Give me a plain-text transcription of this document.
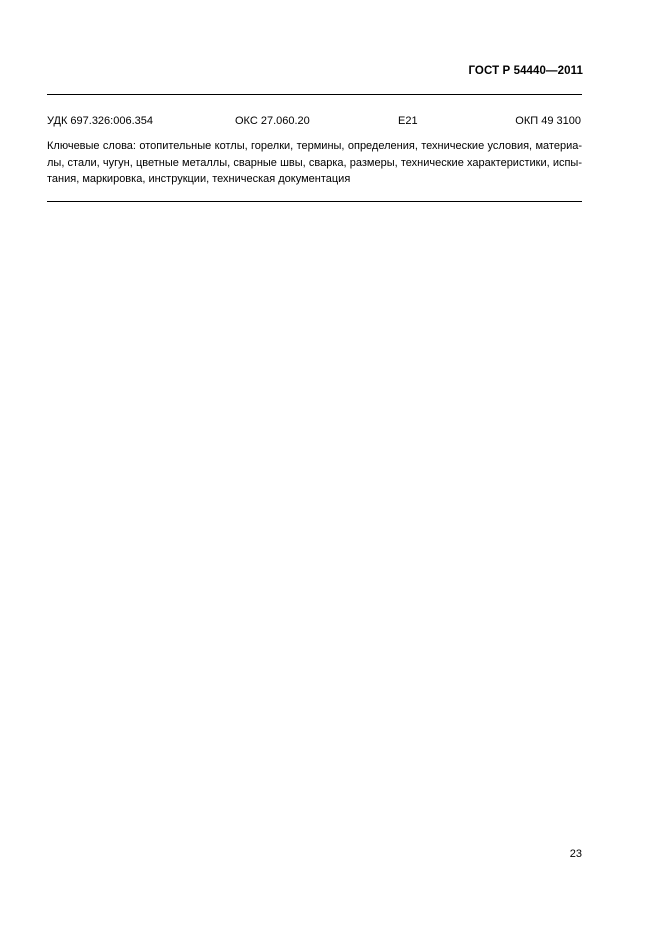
ГОСТ Р 54440—2011
УДК 697.326:006.354	ОКС 27.060.20	Е21	ОКП 49 3100
Ключевые слова: отопительные котлы, горелки, термины, определения, технические условия, материа-
лы, стали, чугун, цветные металлы, сварные швы, сварка, размеры, технические характеристики, испы-
тания, маркировка, инструкции, техническая документация
23
